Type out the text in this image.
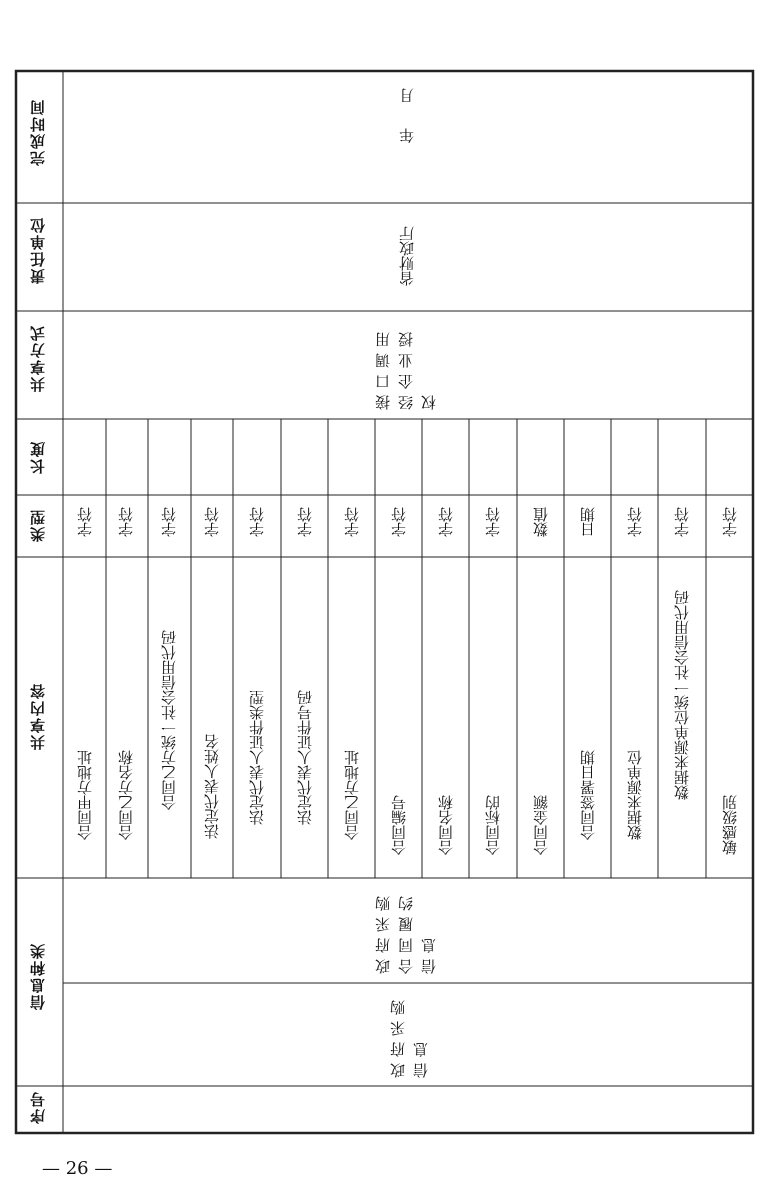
完成时间
责任单位
共享方式
长度
类型
共享内容
信息种类
序号
政府采购信息
政府采购合同履约信息
接口调用经企业授权
省财政厅
年
月
合同甲方地址
字符
合同乙方名称
字符
合同乙方统一社会信用代码
字符
法定代表人姓名
字符
法定代表人证件类型
字符
法定代表人证件号码
字符
合同乙方地址
字符
合同编号
字符
合同名称
字符
合同标的
字符
合同金额
数值
合同签署日期
日期
数据来源单位
字符
数据来源单位统一社会信用代码
字符
敏感级别
字符
— 26 —
